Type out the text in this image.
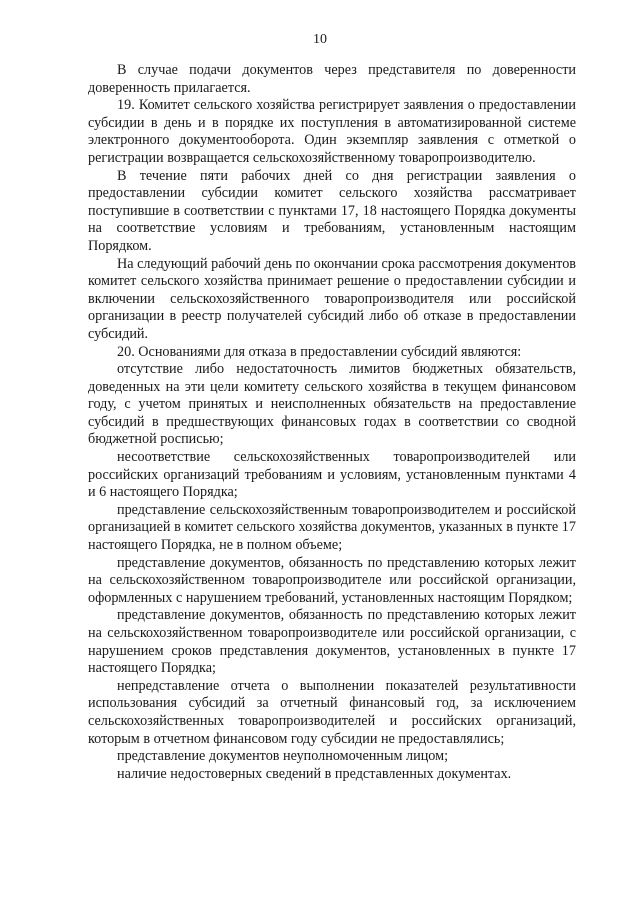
10

В случае подачи документов через представителя по доверенности доверенность прилагается.

19. Комитет сельского хозяйства регистрирует заявления о предоставлении субсидии в день и в порядке их поступления в автоматизированной системе электронного документооборота. Один экземпляр заявления с отметкой о регистрации возвращается сельскохозяйственному товаропроизводителю.

В течение пяти рабочих дней со дня регистрации заявления о предоставлении субсидии комитет сельского хозяйства рассматривает поступившие в соответствии с пунктами 17, 18 настоящего Порядка документы на соответствие условиям и требованиям, установленным настоящим Порядком.

На следующий рабочий день по окончании срока рассмотрения документов комитет сельского хозяйства принимает решение о предоставлении субсидии и включении сельскохозяйственного товаропроизводителя или российской организации в реестр получателей субсидий либо об отказе в предоставлении субсидий.

20. Основаниями для отказа в предоставлении субсидий являются:

отсутствие либо недостаточность лимитов бюджетных обязательств, доведенных на эти цели комитету сельского хозяйства в текущем финансовом году, с учетом принятых и неисполненных обязательств на предоставление субсидий в предшествующих финансовых годах в соответствии со сводной бюджетной росписью;

несоответствие сельскохозяйственных товаропроизводителей или российских организаций требованиям и условиям, установленным пунктами 4 и 6 настоящего Порядка;

представление сельскохозяйственным товаропроизводителем и российской организацией в комитет сельского хозяйства документов, указанных в пункте 17 настоящего Порядка, не в полном объеме;

представление документов, обязанность по представлению которых лежит на сельскохозяйственном товаропроизводителе или российской организации, оформленных с нарушением требований, установленных настоящим Порядком;

представление документов, обязанность по представлению которых лежит на сельскохозяйственном товаропроизводителе или российской организации, с нарушением сроков представления документов, установленных в пункте 17 настоящего Порядка;

непредставление отчета о выполнении показателей результативности использования субсидий за отчетный финансовый год, за исключением сельскохозяйственных товаропроизводителей и российских организаций, которым в отчетном финансовом году субсидии не предоставлялись;

представление документов неуполномоченным лицом;

наличие недостоверных сведений в представленных документах.
